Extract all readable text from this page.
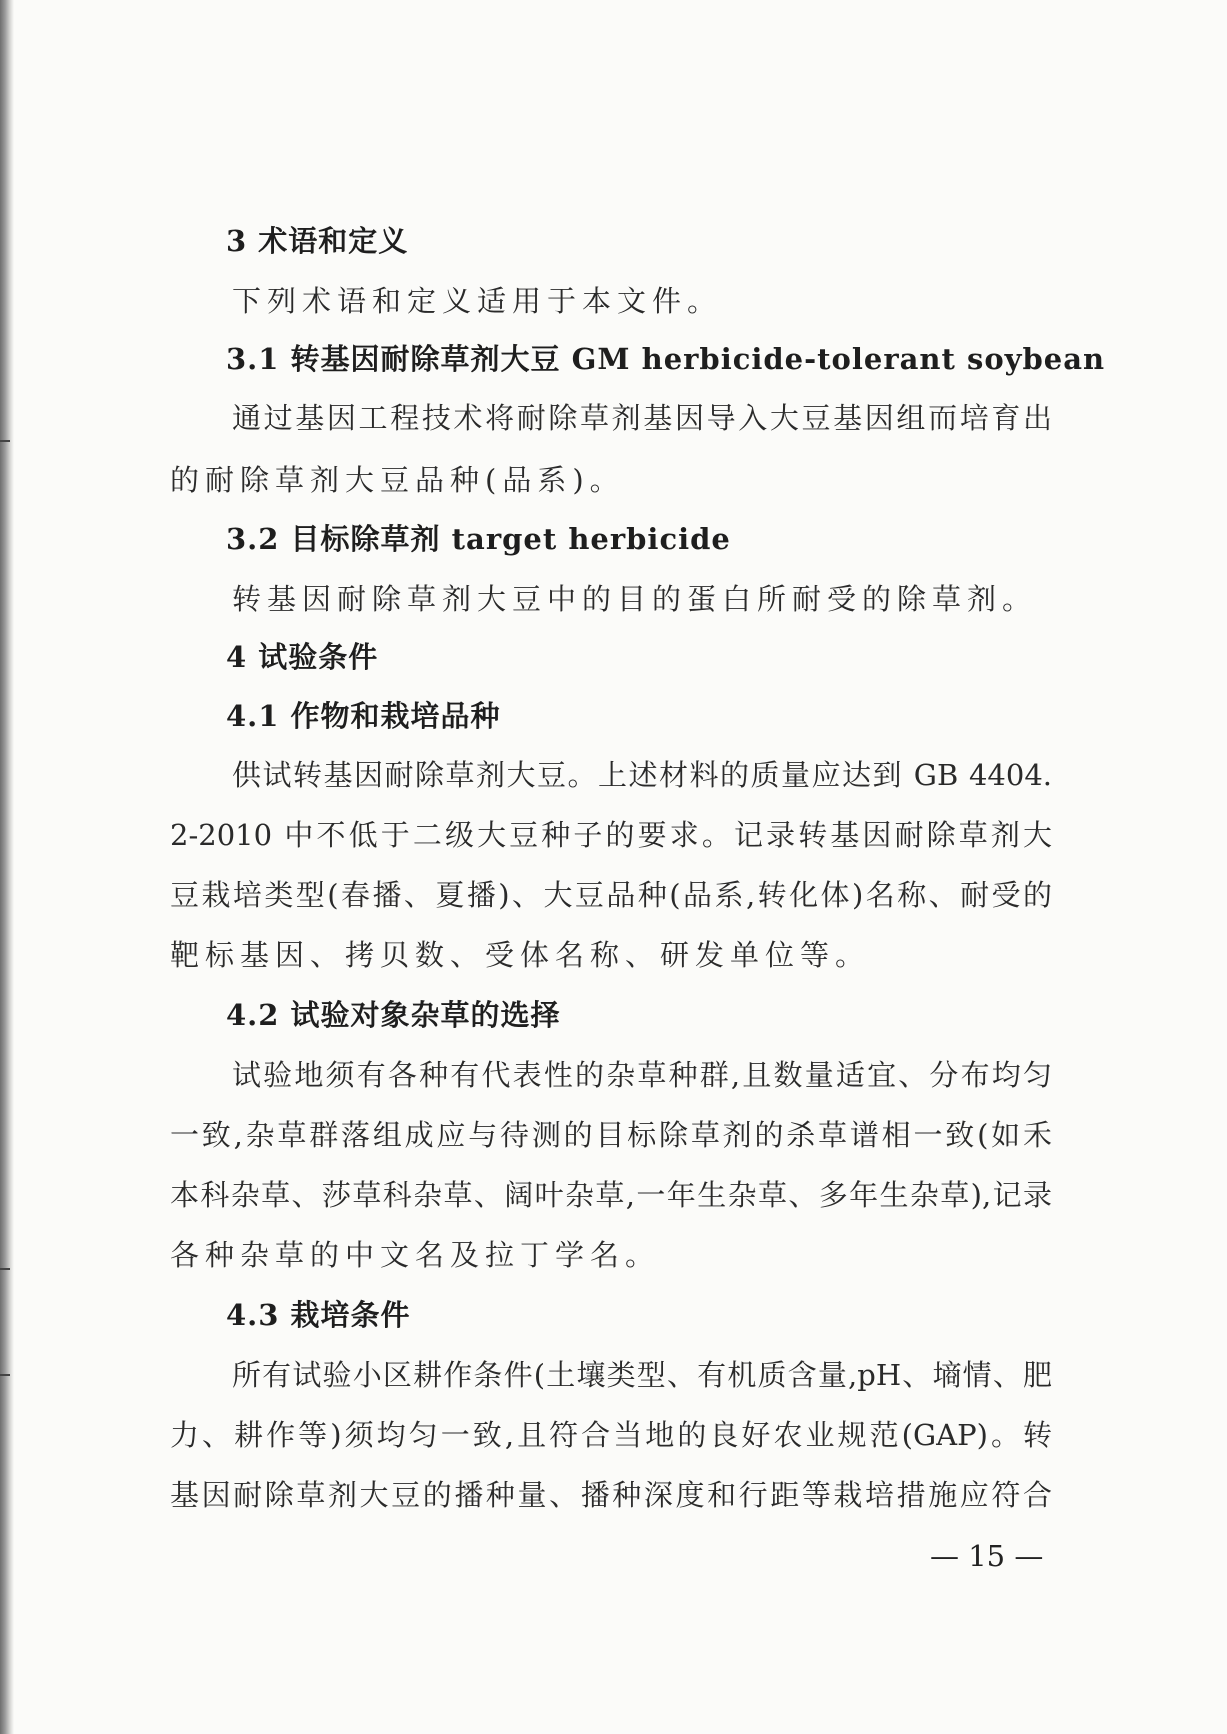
3 术语和定义
下列术语和定义适用于本文件。
3.1 转基因耐除草剂大豆 GM herbicide-tolerant soybean
通过基因工程技术将耐除草剂基因导入大豆基因组而培育出
的耐除草剂大豆品种(品系)。
3.2 目标除草剂 target herbicide
转基因耐除草剂大豆中的目的蛋白所耐受的除草剂。
4 试验条件
4.1 作物和栽培品种
供试转基因耐除草剂大豆。上述材料的质量应达到 GB 4404.
2-2010 中不低于二级大豆种子的要求。记录转基因耐除草剂大
豆栽培类型(春播、夏播)、大豆品种(品系,转化体)名称、耐受的
靶标基因、拷贝数、受体名称、研发单位等。
4.2 试验对象杂草的选择
试验地须有各种有代表性的杂草种群,且数量适宜、分布均匀
一致,杂草群落组成应与待测的目标除草剂的杀草谱相一致(如禾
本科杂草、莎草科杂草、阔叶杂草,一年生杂草、多年生杂草),记录
各种杂草的中文名及拉丁学名。
4.3 栽培条件
所有试验小区耕作条件(土壤类型、有机质含量,pH、墒情、肥
力、耕作等)须均匀一致,且符合当地的良好农业规范(GAP)。转
基因耐除草剂大豆的播种量、播种深度和行距等栽培措施应符合
— 15 —
